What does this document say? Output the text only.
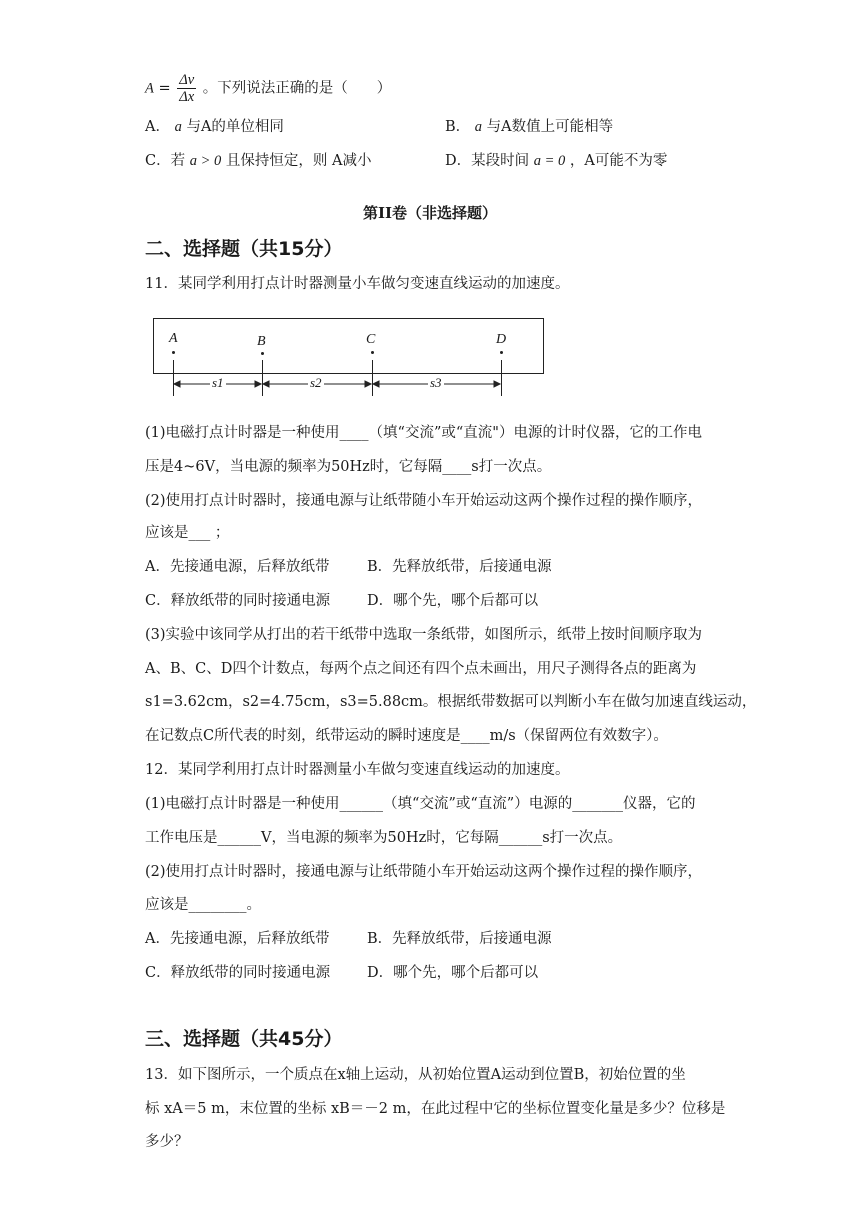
$A = \frac{\Delta v}{\Delta x}$ 。下列说法正确的是（　　）
A． a 与A的单位相同	B． a 与A数值上可能相等
C．若 a > 0 且保持恒定，则 A减小	D．某段时间 a = 0 ，A可能不为零
第II卷（非选择题）
二、选择题（共15分）
11．某同学利用打点计时器测量小车做匀变速直线运动的加速度。
A	B	C	D
s1	s2	s3
(1)电磁打点计时器是一种使用____（填“交流”或“直流"）电源的计时仪器，它的工作电
压是4~6V，当电源的频率为50Hz时，它每隔____s打一次点。
(2)使用打点计时器时，接通电源与让纸带随小车开始运动这两个操作过程的操作顺序，
应该是___ ；
A．先接通电源，后释放纸带	B．先释放纸带，后接通电源
C．释放纸带的同时接通电源	D．哪个先，哪个后都可以
(3)实验中该同学从打出的若干纸带中选取一条纸带，如图所示，纸带上按时间顺序取为
A、B、C、D四个计数点，每两个点之间还有四个点未画出，用尺子测得各点的距离为
s1=3.62cm，s2=4.75cm，s3=5.88cm。根据纸带数据可以判断小车在做匀加速直线运动，
在记数点C所代表的时刻，纸带运动的瞬时速度是____m/s（保留两位有效数字）。
12．某同学利用打点计时器测量小车做匀变速直线运动的加速度。
(1)电磁打点计时器是一种使用______（填“交流”或“直流”）电源的_______仪器，它的
工作电压是______V，当电源的频率为50Hz时，它每隔______s打一次点。
(2)使用打点计时器时，接通电源与让纸带随小车开始运动这两个操作过程的操作顺序，
应该是________。
A．先接通电源，后释放纸带	B．先释放纸带，后接通电源
C．释放纸带的同时接通电源	D．哪个先，哪个后都可以
三、选择题（共45分）
13．如下图所示，一个质点在x轴上运动，从初始位置A运动到位置B，初始位置的坐
标 xA＝5 m，末位置的坐标 xB＝－2 m，在此过程中它的坐标位置变化量是多少？位移是
多少？
